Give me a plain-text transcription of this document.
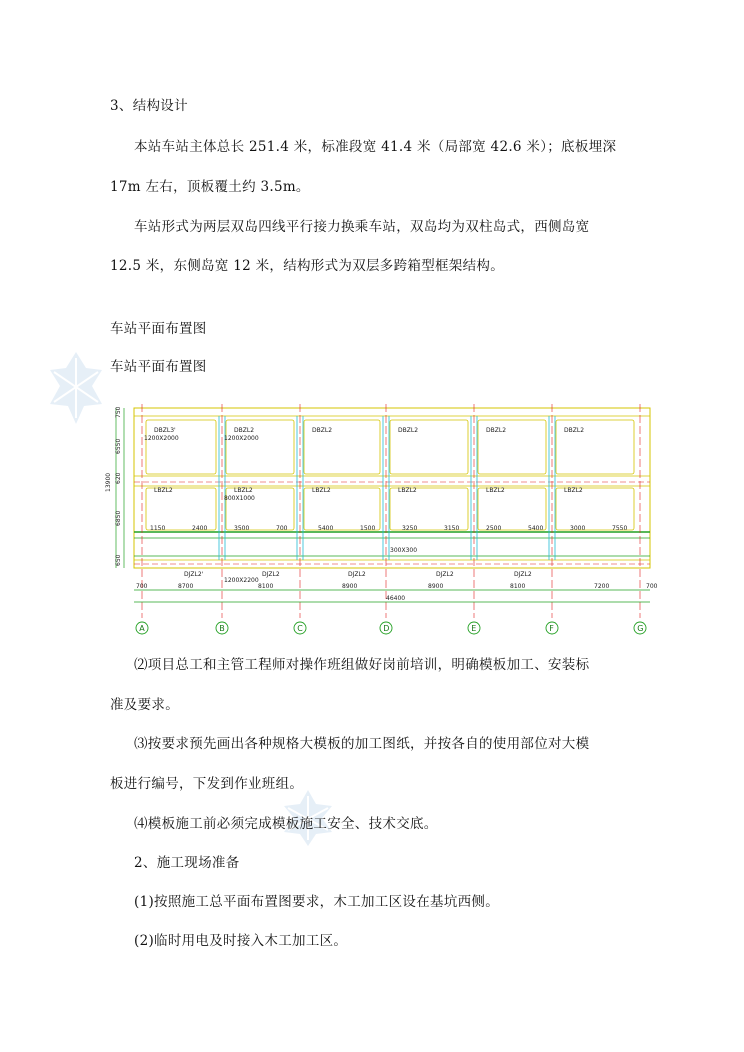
3、结构设计
本站车站主体总长 251.4 米，标准段宽 41.4 米（局部宽 42.6 米）；底板埋深
17m 左右，顶板覆土约 3.5m。
车站形式为两层双岛四线平行接力换乘车站，双岛均为双柱岛式，西侧岛宽
12.5 米，东侧岛宽 12 米，结构形式为双层多跨箱型框架结构。
车站平面布置图
车站平面布置图
13900
750
6550
620
6850
650
DBZL3'	DBZL2	DBZL2	DBZL2	DBZL2	DBZL2
LBZL2	LBZL2	LBZL2	LBZL2	LBZL2	LBZL2
DJZL2'	DJZL2	DJZL2	DJZL2	DJZL2
1200X2000	1200X2000
800X1000
1200X2200
300X300
1150	2400	3500	700	5400	1500	3250	3150	2500	5400	3000	7550
700	8700	8100	8900	8900	8100	7200	700
46400
A	B	C	D	E	F	G
⑵项目总工和主管工程师对操作班组做好岗前培训，明确模板加工、安装标
准及要求。
⑶按要求预先画出各种规格大模板的加工图纸，并按各自的使用部位对大模
板进行编号，下发到作业班组。
⑷模板施工前必须完成模板施工安全、技术交底。
2、施工现场准备
(1)按照施工总平面布置图要求，木工加工区设在基坑西侧。
(2)临时用电及时接入木工加工区。
